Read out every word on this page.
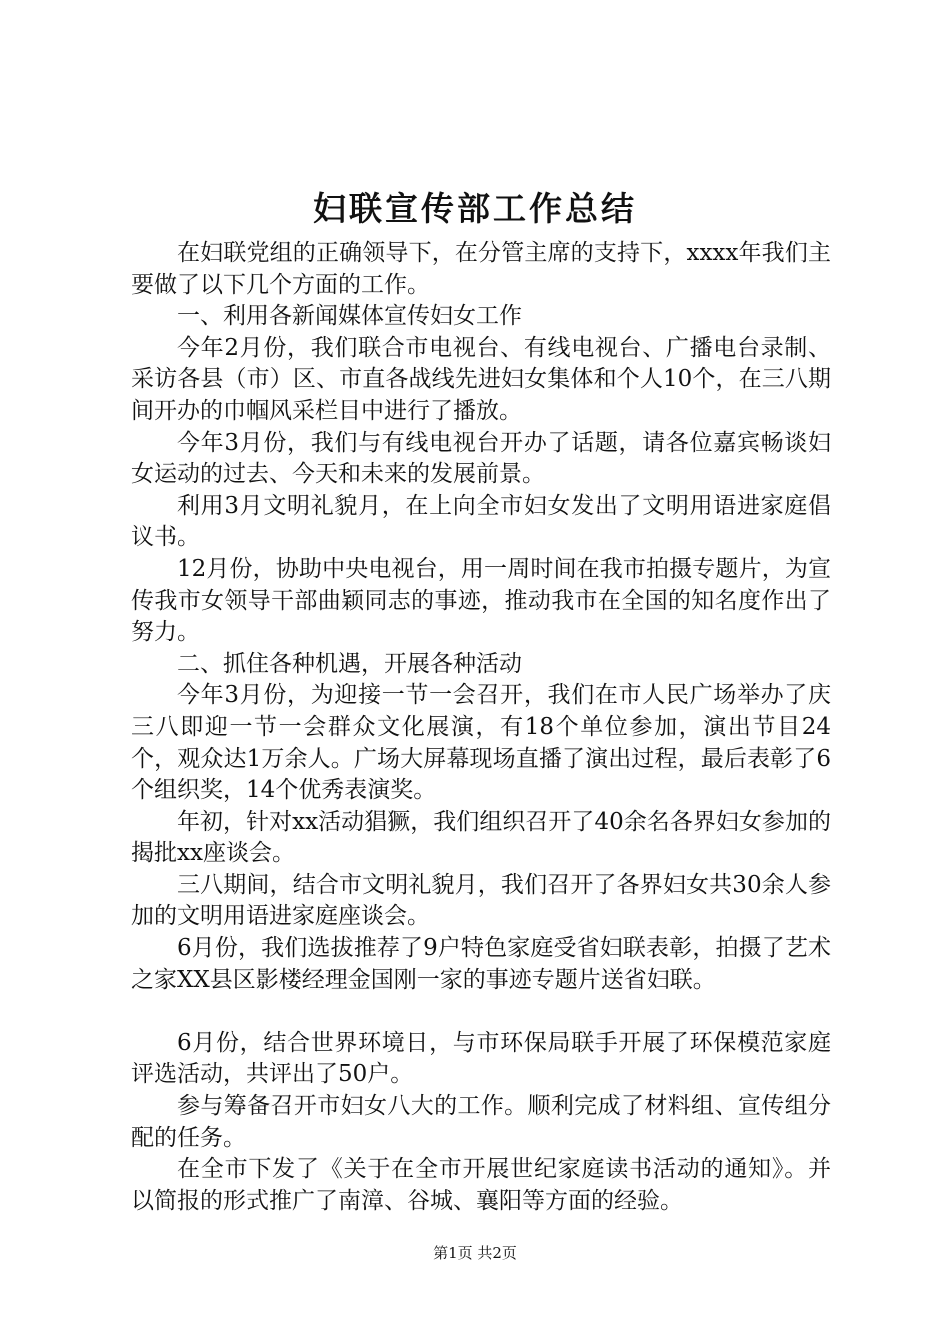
妇联宣传部工作总结

在妇联党组的正确领导下，在分管主席的支持下，xxxx年我们主要做了以下几个方面的工作。

一、利用各新闻媒体宣传妇女工作

今年2月份，我们联合市电视台、有线电视台、广播电台录制、采访各县（市）区、市直各战线先进妇女集体和个人10个，在三八期间开办的巾帼风采栏目中进行了播放。

今年3月份，我们与有线电视台开办了话题，请各位嘉宾畅谈妇女运动的过去、今天和未来的发展前景。

利用3月文明礼貌月，在上向全市妇女发出了文明用语进家庭倡议书。

12月份，协助中央电视台，用一周时间在我市拍摄专题片，为宣传我市女领导干部曲颖同志的事迹，推动我市在全国的知名度作出了努力。

二、抓住各种机遇，开展各种活动

今年3月份，为迎接一节一会召开，我们在市人民广场举办了庆三八即迎一节一会群众文化展演，有18个单位参加，演出节目24个，观众达1万余人。广场大屏幕现场直播了演出过程，最后表彰了6个组织奖，14个优秀表演奖。

年初，针对xx活动猖獗，我们组织召开了40余名各界妇女参加的揭批xx座谈会。

三八期间，结合市文明礼貌月，我们召开了各界妇女共30余人参加的文明用语进家庭座谈会。

6月份，我们选拔推荐了9户特色家庭受省妇联表彰，拍摄了艺术之家XX县区影楼经理金国刚一家的事迹专题片送省妇联。

6月份，结合世界环境日，与市环保局联手开展了环保模范家庭评选活动，共评出了50户。

参与筹备召开市妇女八大的工作。顺利完成了材料组、宣传组分配的任务。

在全市下发了《关于在全市开展世纪家庭读书活动的通知》。并以简报的形式推广了南漳、谷城、襄阳等方面的经验。

第1页 共2页
